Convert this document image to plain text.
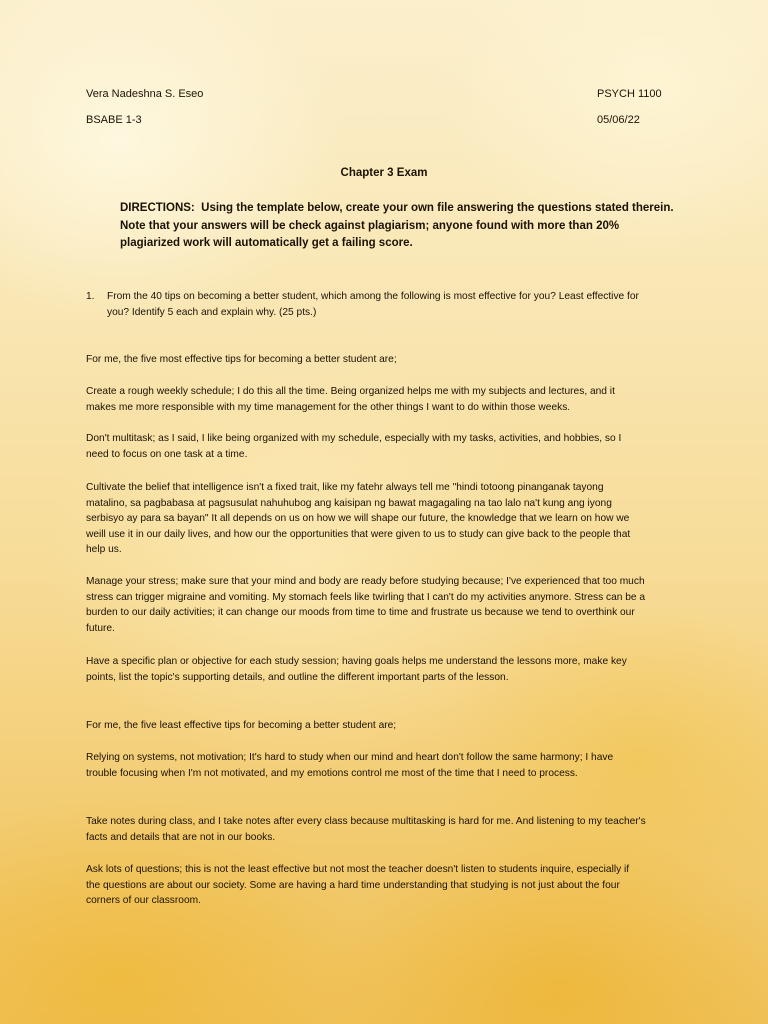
Vera Nadeshna S. Eseo	PSYCH 1100
BSABE 1-3	05/06/22
Chapter 3 Exam
DIRECTIONS: Using the template below, create your own file answering the questions stated therein. Note that your answers will be check against plagiarism; anyone found with more than 20% plagiarized work will automatically get a failing score.
1. From the 40 tips on becoming a better student, which among the following is most effective for you? Least effective for you? Identify 5 each and explain why. (25 pts.)

For me, the five most effective tips for becoming a better student are;

Create a rough weekly schedule; I do this all the time. Being organized helps me with my subjects and lectures, and it makes me more responsible with my time management for the other things I want to do within those weeks.

Don't multitask; as I said, I like being organized with my schedule, especially with my tasks, activities, and hobbies, so I need to focus on one task at a time.

Cultivate the belief that intelligence isn't a fixed trait, like my fatehr always tell me "hindi totoong pinanganak tayong matalino, sa pagbabasa at pagsusulat nahuhubog ang kaisipan ng bawat magagaling na tao lalo na't kung ang iyong serbisyo ay para sa bayan" It all depends on us on how we will shape our future, the knowledge that we learn on how we weill use it in our daily lives, and how our the opportunities that were given to us to study can give back to the people that help us.

Manage your stress; make sure that your mind and body are ready before studying because; I've experienced that too much stress can trigger migraine and vomiting. My stomach feels like twirling that I can't do my activities anymore. Stress can be a burden to our daily activities; it can change our moods from time to time and frustrate us because we tend to overthink our future.

Have a specific plan or objective for each study session; having goals helps me understand the lessons more, make key points, list the topic's supporting details, and outline the different important parts of the lesson.

For me, the five least effective tips for becoming a better student are;

Relying on systems, not motivation; It's hard to study when our mind and heart don't follow the same harmony; I have trouble focusing when I'm not motivated, and my emotions control me most of the time that I need to process.

Take notes during class, and I take notes after every class because multitasking is hard for me. And listening to my teacher's facts and details that are not in our books.

Ask lots of questions; this is not the least effective but not most the teacher doesn't listen to students inquire, especially if the questions are about our society. Some are having a hard time understanding that studying is not just about the four corners of our classroom.
